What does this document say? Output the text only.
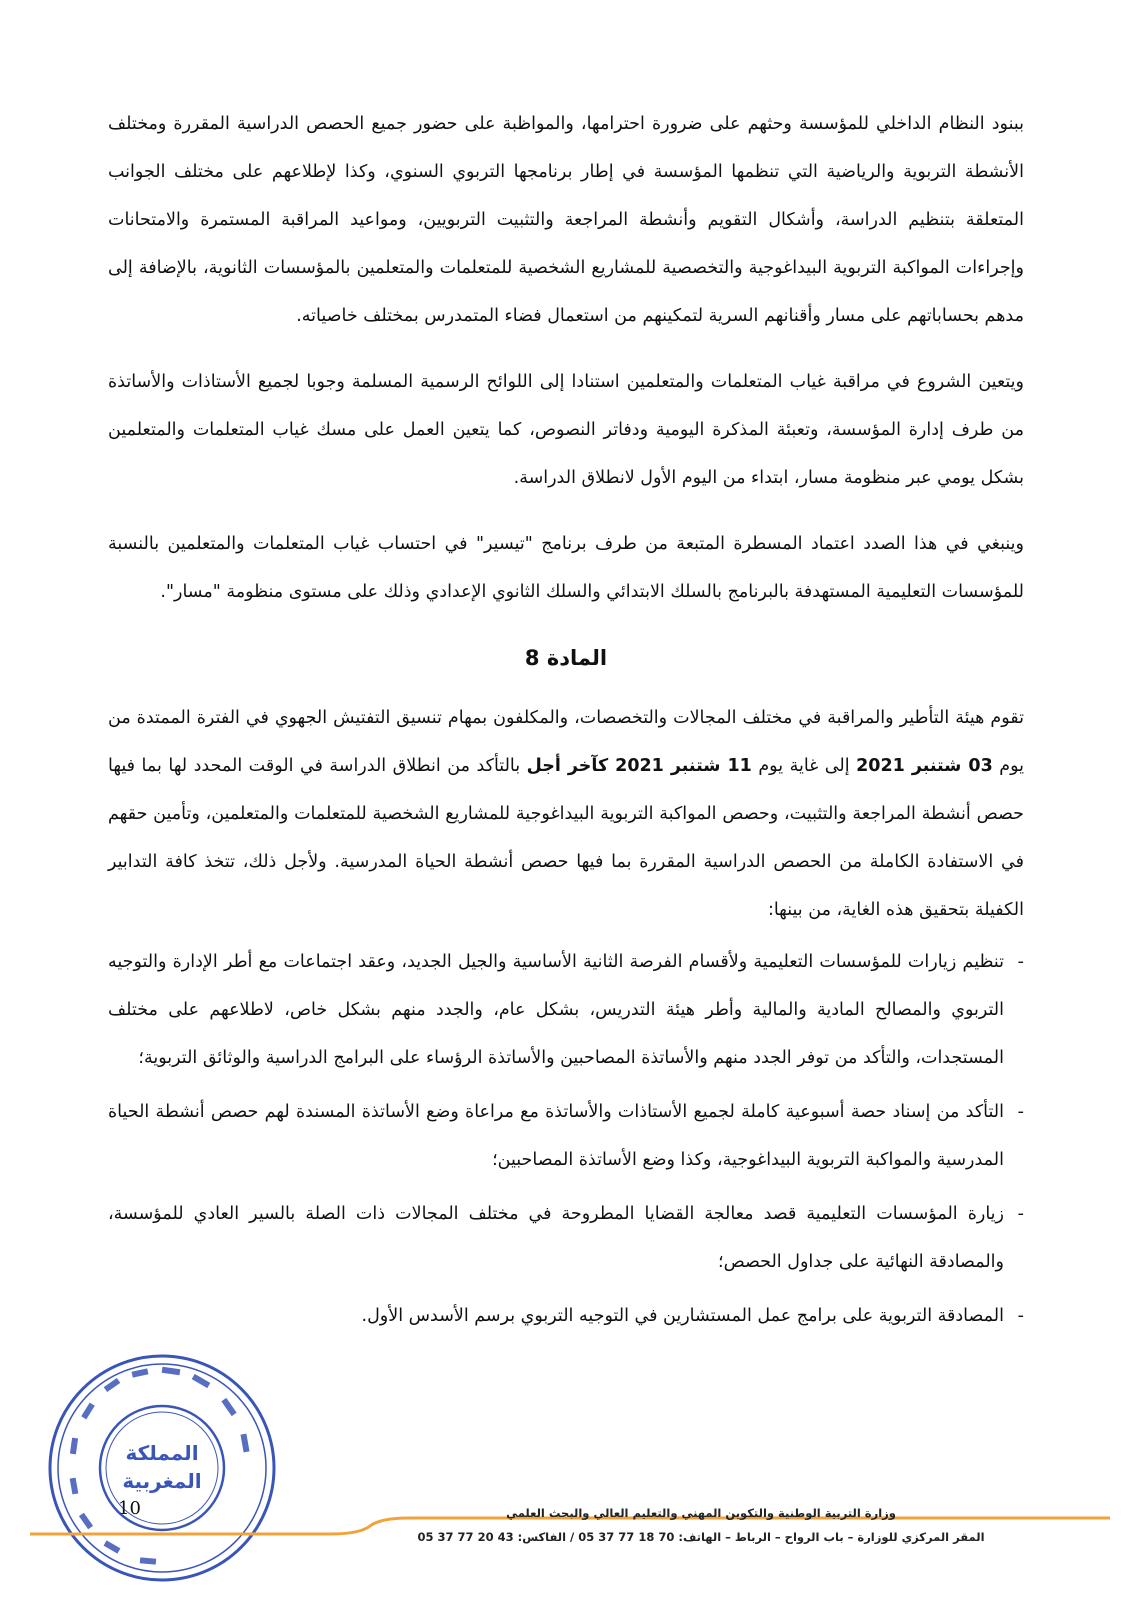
ببنود النظام الداخلي للمؤسسة وحثهم على ضرورة احترامها، والمواظبة على حضور جميع الحصص الدراسية المقررة ومختلف الأنشطة التربوية والرياضية التي تنظمها المؤسسة في إطار برنامجها التربوي السنوي، وكذا لإطلاعهم على مختلف الجوانب المتعلقة بتنظيم الدراسة، وأشكال التقويم وأنشطة المراجعة والتثبيت التربويين، ومواعيد المراقبة المستمرة والامتحانات وإجراءات المواكبة التربوية البيداغوجية والتخصصية للمشاريع الشخصية للمتعلمات والمتعلمين بالمؤسسات الثانوية، بالإضافة إلى مدهم بحساباتهم على مسار وأقنانهم السرية لتمكينهم من استعمال فضاء المتمدرس بمختلف خاصياته.

ويتعين الشروع في مراقبة غياب المتعلمات والمتعلمين استنادا إلى اللوائح الرسمية المسلمة وجوبا لجميع الأستاذات والأساتذة من طرف إدارة المؤسسة، وتعبئة المذكرة اليومية ودفاتر النصوص، كما يتعين العمل على مسك غياب المتعلمات والمتعلمين بشكل يومي عبر منظومة مسار، ابتداء من اليوم الأول لانطلاق الدراسة.

وينبغي في هذا الصدد اعتماد المسطرة المتبعة من طرف برنامج "تيسير" في احتساب غياب المتعلمات والمتعلمين بالنسبة للمؤسسات التعليمية المستهدفة بالبرنامج بالسلك الابتدائي والسلك الثانوي الإعدادي وذلك على مستوى منظومة "مسار".

المادة 8

تقوم هيئة التأطير والمراقبة في مختلف المجالات والتخصصات، والمكلفون بمهام تنسيق التفتيش الجهوي في الفترة الممتدة من يوم 03 شتنبر 2021 إلى غاية يوم 11 شتنبر 2021 كآخر أجل بالتأكد من انطلاق الدراسة في الوقت المحدد لها بما فيها حصص أنشطة المراجعة والتثبيت، وحصص المواكبة التربوية البيداغوجية للمشاريع الشخصية للمتعلمات والمتعلمين، وتأمين حقهم في الاستفادة الكاملة من الحصص الدراسية المقررة بما فيها حصص أنشطة الحياة المدرسية. ولأجل ذلك، تتخذ كافة التدابير الكفيلة بتحقيق هذه الغاية، من بينها:

-
تنظيم زيارات للمؤسسات التعليمية ولأقسام الفرصة الثانية الأساسية والجيل الجديد، وعقد اجتماعات مع أطر الإدارة والتوجيه التربوي والمصالح المادية والمالية وأطر هيئة التدريس، بشكل عام، والجدد منهم بشكل خاص، لاطلاعهم على مختلف المستجدات، والتأكد من توفر الجدد منهم والأساتذة المصاحبين والأساتذة الرؤساء على البرامج الدراسية والوثائق التربوية؛
-
التأكد من إسناد حصة أسبوعية كاملة لجميع الأستاذات والأساتذة مع مراعاة وضع الأساتذة المسندة لهم حصص أنشطة الحياة المدرسية والمواكبة التربوية البيداغوجية، وكذا وضع الأساتذة المصاحبين؛
-
زيارة المؤسسات التعليمية قصد معالجة القضايا المطروحة في مختلف المجالات ذات الصلة بالسير العادي للمؤسسة، والمصادقة النهائية على جداول الحصص؛
-
المصادقة التربوية على برامج عمل المستشارين في التوجيه التربوي برسم الأسدس الأول.
المملكة
المغربية
10	وزارة التربية الوطنية والتكوين المهني والتعليم العالي والبحث العلمي
المقر المركزي للوزارة – باب الرواح – الرباط – الهاتف: 70 18 77 37 05 / الفاكس: 43 20 77 37 05
